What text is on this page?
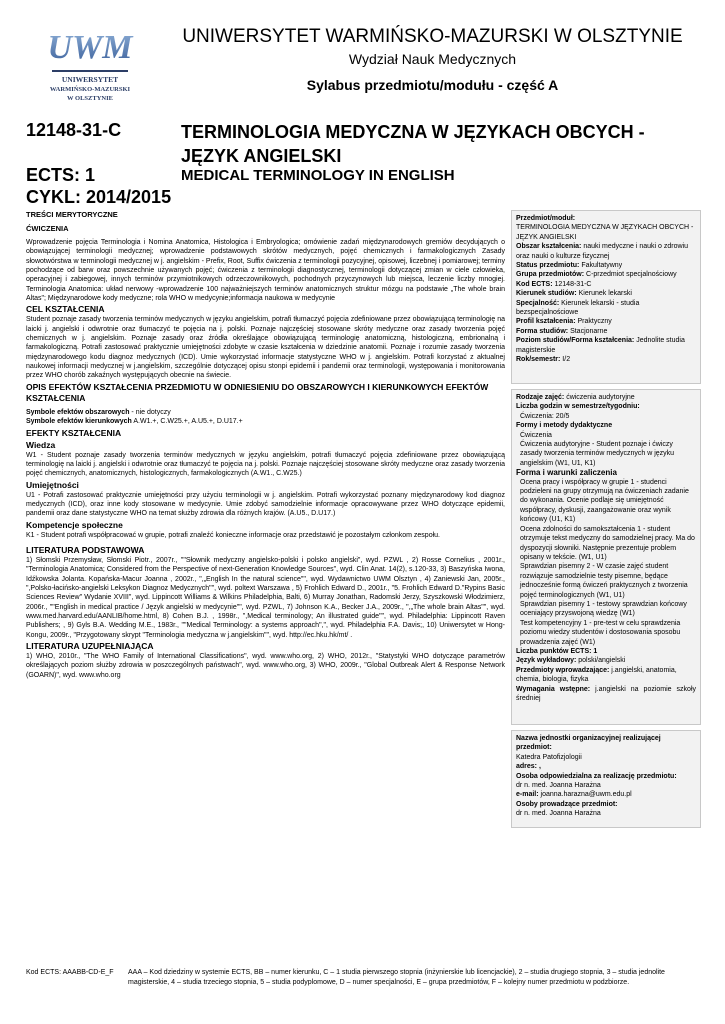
UWM
UNIWERSYTET
WARMIŃSKO-MAZURSKI
W OLSZTYNIE
UNIWERSYTET WARMIŃSKO-MAZURSKI W OLSZTYNIE
Wydział Nauk Medycznych
Sylabus przedmiotu/modułu - część A
12148-31-C
ECTS: 1
CYKL: 2014/2015
TERMINOLOGIA MEDYCZNA W JĘZYKACH OBCYCH - JĘZYK ANGIELSKI
MEDICAL TERMINOLOGY IN ENGLISH
TREŚCI MERYTORYCZNE
ĆWICZENIA

Wprowadzenie pojęcia Terminologia i Nomina Anatomica, Histologica i Embryologica; omówienie zadań międzynarodowych gremiów decydujących o obowiązującej terminologii medycznej; wprowadzenie podstawowych skrótów medycznych, pojęć chemicznych i farmakologicznych Zasady słowotwórstwa w terminologii medycznej w j. angielskim - Prefix, Root, Suffix ćwiczenia z terminologii pozycyjnej, opisowej, liczebnej i pomiarowej; terminy pochodzące od barw oraz powszechnie używanych pojęć; ćwiczenia z terminologii diagnostycznej, terminologii dotyczącej zmian w ciele człowieka, operacyjnej i zabiegowej, innych terminów przymiotnikowych odrzeczownikowych, pochodnych przyczynowych lub miejsca, leczenie liczby mnogiej. Terminologia Anatomica: układ nerwowy -wprowadzenie 100 najważniejszych terminów anatomicznych struktur mózgu na podstawie „The whole brain Altas"; Międzynarodowe kody medyczne; rola WHO w medycynie;informacja naukowa w medycynie

CEL KSZTAŁCENIA

Student poznaje zasady tworzenia terminów medycznych w języku angielskim, potrafi tłumaczyć pojęcia zdefiniowane przez obowiązującą terminologię na laicki j. angielski i odwrotnie oraz tłumaczyć te pojęcia na j. polski. Poznaje najczęściej stosowane skróty medyczne oraz zasady tworzenia pojęć chemicznych w j. angielskim. Poznaje zasady oraz źródła określające obowiązującą terminologię anatomiczną, histologiczną, embrionalną i farmakologiczną. Potrafi zastosować praktycznie umiejętności zdobyte w czasie kształcenia w dziedzinie anatomii. Poznaje i rozumie zasady tworzenia międzynarodowego kodu diagnoz medycznych (ICD). Umie wykorzystać informacje statystyczne WHO w j. angielskim. Potrafi korzystać z aktualnej naukowej informacji medycznej w j.angielskim, szczególnie dotyczącej opisu stonpi epidemii i pandemii oraz terminologii, występowania i monitorowania przez WHO chorób zakaźnych występujących obecnie na świecie.

OPIS EFEKTÓW KSZTAŁCENIA PRZEDMIOTU W ODNIESIENIU DO OBSZAROWYCH I KIERUNKOWYCH EFEKTÓW KSZTAŁCENIA

Symbole efektów obszarowych - nie dotyczy

Symbole efektów kierunkowych A.W1.+, C.W25.+, A.U5.+, D.U17.+

EFEKTY KSZTAŁCENIA
Wiedza

W1 - Student poznaje zasady tworzenia terminów medycznych w języku angielskim, potrafi tłumaczyć pojęcia zdefiniowane przez obowiązującą terminologię na laicki j. angielski i odwrotnie oraz tłumaczyć te pojęcia na j. polski. Poznaje najczęściej stosowane skróty medyczne oraz zasady tworzenia pojęć chemicznych, anatomicznych, histologicznych, farmakologicznych (A.W1., C.W25.)

Umiejętności

U1 - Potrafi zastosować praktycznie umiejętności przy użyciu terminologii w j. angielskim. Potrafi wykorzystać poznany międzynarodowy kod diagnoz medycznych (ICD), oraz inne kody stosowane w medycynie. Umie zdobyć samodzielnie informacje opracowywane przez WHO dotyczące epidemii, pandemii oraz dane statystyczne WHO na temat służby zdrowia dla różnych krajów. (A.U5., D.U17.)

Kompetencje społeczne

K1 - Student potrafi współpracować w grupie, potrafi znaleźć konieczne informacje oraz przedstawić je pozostałym członkom zespołu.

LITERATURA PODSTAWOWA

1) Słomski Przemysław, Słomski Piotr., 2007r., ""Słownik medyczny angielsko-polski i polsko angielski", wyd. PZWL , 2) Rosse Cornelius , 2001r., "Terminologia Anatomica; Considered from the Perspective of next-Generation Knowledge Sources", wyd. Clin Anat. 14(2), s.120-33, 3) Baszyńska Iwona, Idźkowska Jolanta. Kopańska-Macur Joanna , 2002r., ",„English In the natural science"", wyd. Wydawnictwo UWM Olsztyn , 4) Zaniewski Jan, 2005r., ",Polsko-łacińsko-angielski Leksykon Diagnoz Medycznych"", wyd. poltext Warszawa , 5) Frohlich Edward D., 2001r., "5. Frohlich Edward D."Rypins Basic Sciences Review" Wydanie XVIII", wyd. Lippincott Williams & Wilkins Philadelphia, Balti, 6) Murray Jonathan, Radomski Jerzy, Szyszkowski Włodzimierz, 2006r., ""English in medical practice / Język angielski w medycynie"", wyd. PZWL, 7) Johnson K.A., Becker J.A., 2009r., ",„The whole brain Altas"", wyd. www.med.harvard.edu/AANLIB/home.html, 8) Cohen B.J. , 1998r., ",Medical terminology; An illustrated guide"", wyd. Philadelphia: Lippincott Raven Publishers; , 9) Gyls B.A. Wedding M.E., 1983r., ""Medical Terminology: a systems approach",", wyd. Philadelphia F.A. Davis;, 10) Uniwersytet w Hong-Kongu, 2009r., "Przygotowany skrypt "Terminologia medyczna w j.angielskim"", wyd. http://ec.hku.hk/mt/ .

LITERATURA UZUPEŁNIAJĄCA

1) WHO, 2010r., "The WHO Family of International Classifications", wyd. www.who.org, 2) WHO, 2012r., "Statystyki WHO dotyczące parametrów określających poziom służby zdrowia w poszczególnych państwach", wyd. www.who.org, 3) WHO, 2009r., "Global Outbreak Alert & Response Network (GOARN)", wyd. www.who.org

Przedmiot/moduł:
TERMINOLOGIA MEDYCZNA W JĘZYKACH OBCYCH - JĘZYK ANGIELSKI
Obszar kształcenia: nauki medyczne i nauki o zdrowiu oraz nauki o kulturze fizycznej
Status przedmiotu: Fakultatywny
Grupa przedmiotów: C-przedmiot specjalnościowy
Kod ECTS: 12148-31-C
Kierunek studiów: Kierunek lekarski
Specjalność: Kierunek lekarski - studia bezspecjalnościowe
Profil kształcenia: Praktyczny
Forma studiów: Stacjonarne
Poziom studiów/Forma kształcenia: Jednolite studia magisterskie
Rok/semestr: I/2
Rodzaje zajęć: ćwiczenia audytoryjne
Liczba godzin w semestrze/tygodniu:
Ćwiczenia: 20/5
Formy i metody dydaktyczne
Ćwiczenia
Ćwiczenia audytoryjne - Student poznaje i ćwiczy zasady tworzenia terminów medycznych w języku angielskim (W1, U1, K1)
Forma i warunki zaliczenia
Ocena pracy i współpracy w grupie 1 - studenci podzieleni na grupy otrzymują na ćwiczeniach zadanie do wykonania. Ocenie podlaje się umiejętność współpracy, dyskusji, zaangażowanie oraz wynik końcowy (U1, K1)
Ocena zdolności do samokształcenia 1 - student otrzymuje tekst medyczny do samodzielnej pracy. Ma do dyspozycji słowniki. Następnie prezentuje problem opisany w tekście. (W1, U1)
Sprawdzian pisemny 2 - W czasie zajęć student rozwiązuje samodzielnie testy pisemne, będące jednocześnie formą ćwiczeń praktycznych z tworzenia pojęć terminologicznych (W1, U1)
Sprawdzian pisemny 1 - testowy sprawdzian końcowy oceniający przyswojoną wiedzę (W1)
Test kompetencyjny 1 - pre-test w celu sprawdzenia poziomu wiedzy studentów i dostosowania sposobu prowadzenia zajęć (W1)
Liczba punktów ECTS: 1
Język wykładowy: polski/angielski
Przedmioty wprowadzające: j.angielski, anatomia, chemia, biologia, fizyka
Wymagania wstępne: j.angielski na poziomie szkoły średniej
Nazwa jednostki organizacyjnej realizującej przedmiot:
Katedra Patofizjologii
adres: ,
Osoba odpowiedzialna za realizację przedmiotu:
dr n. med. Joanna Harażna
e-mail: joanna.harazna@uwm.edu.pl
Osoby prowadzące przedmiot:
dr n. med. Joanna Harażna
Kod ECTS: AAABB-CD-E_F	AAA – Kod dziedziny w systemie ECTS, BB – numer kierunku, C – 1 studia pierwszego stopnia (inżynierskie lub licencjackie), 2 – studia drugiego stopnia, 3 – studia jednolite magisterskie, 4 – studia trzeciego stopnia, 5 – studia podyplomowe, D – numer specjalności, E – grupa przedmiotów, F – kolejny numer przedmiotu w podzbiorze.
